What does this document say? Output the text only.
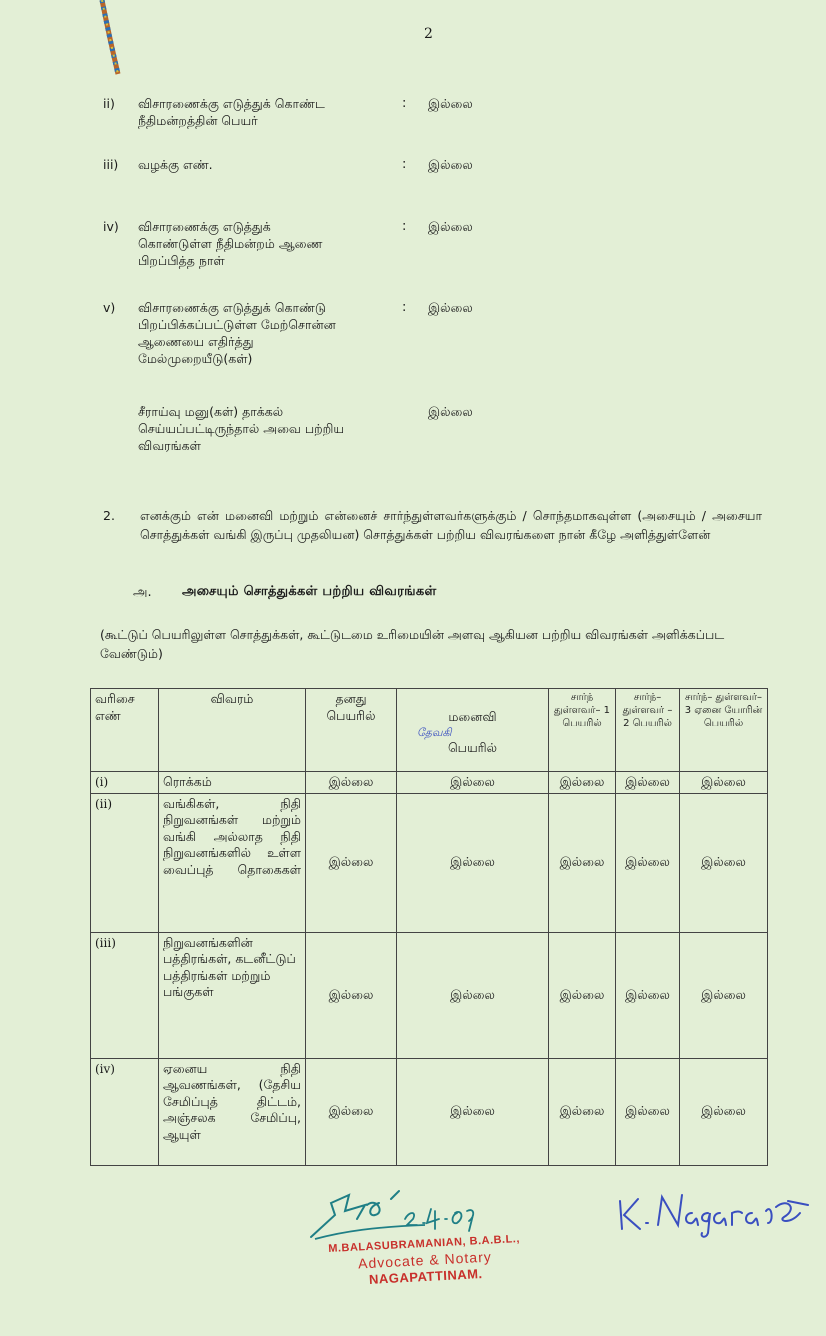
2
ii) விசாரணைக்கு எடுத்துக் கொண்ட
நீதிமன்றத்தின் பெயர்
: இல்லை
iii) வழக்கு எண்.	: இல்லை
iv) விசாரணைக்கு எடுத்துக்
கொண்டுள்ள நீதிமன்றம் ஆணை
பிறப்பித்த நாள்
: இல்லை
v) விசாரணைக்கு எடுத்துக் கொண்டு
பிறப்பிக்கப்பட்டுள்ள மேற்சொன்ன
ஆணையை எதிர்த்து
மேல்முறையீடு(கள்)
: இல்லை
சீராய்வு மனு(கள்) தாக்கல்
செய்யப்பட்டிருந்தால் அவை பற்றிய
விவரங்கள்
இல்லை
2. எனக்கும் என் மனைவி மற்றும் என்னைச் சார்ந்துள்ளவர்களுக்கும் / சொந்தமாகவுள்ள (அசையும் / அசையா சொத்துக்கள் வங்கி இருப்பு முதலியன) சொத்துக்கள் பற்றிய விவரங்களை நான் கீழே அளித்துள்ளேன்
அ. அசையும் சொத்துக்கள் பற்றிய விவரங்கள்
(கூட்டுப் பெயரிலுள்ள சொத்துக்கள், கூட்டுடமை உரிமையின் அளவு ஆகியன பற்றிய விவரங்கள் அளிக்கப்பட வேண்டும்)
வரிசை எண்	விவரம்	தனது பெயரில்	மனைவி
தேவகி
பெயரில்	சார்ந் துள்ளவர்– 1 பெயரில்	சார்ந்– துள்ளவர் –2 பெயரில்	சார்ந்– துள்ளவர்–3 ஏனை யோரின் பெயரில்
(i)	ரொக்கம்	இல்லை	இல்லை	இல்லை	இல்லை	இல்லை
(ii)	வங்கிகள், நிதி நிறுவனங்கள் மற்றும் வங்கி அல்லாத நிதி நிறுவனங்களில் உள்ள வைப்புத் தொகைகள்	இல்லை	இல்லை	இல்லை	இல்லை	இல்லை
(iii)	நிறுவனங்களின் பத்திரங்கள், கடனீட்டுப் பத்திரங்கள் மற்றும் பங்குகள்	இல்லை	இல்லை	இல்லை	இல்லை	இல்லை
(iv)	ஏனைய நிதி ஆவணங்கள், (தேசிய சேமிப்புத் திட்டம், அஞ்சலக சேமிப்பு, ஆயுள்	இல்லை	இல்லை	இல்லை	இல்லை	இல்லை
M.BALASUBRAMANIAN, B.A.B.L.,
Advocate & Notary
NAGAPATTINAM.
